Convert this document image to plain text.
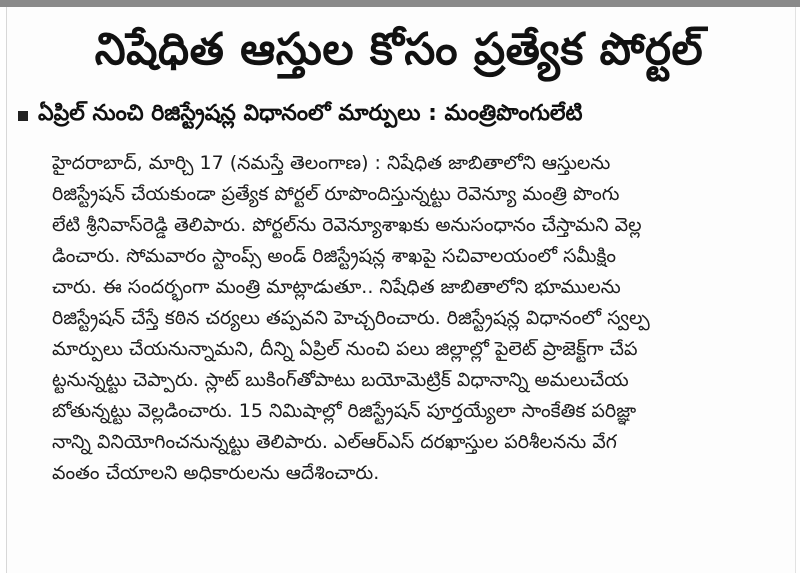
నిషేధిత ఆస్తుల కోసం ప్రత్యేక పోర్టల్
ఏప్రిల్ నుంచి రిజిస్ట్రేషన్ల విధానంలో మార్పులు : మంత్రిపొంగులేటి
హైదరాబాద్, మార్చి 17 (నమస్తే తెలంగాణ) : నిషేధిత జాబితాలోని ఆస్తులను
రిజిస్ట్రేషన్ చేయకుండా ప్రత్యేక పోర్టల్ రూపొందిస్తున్నట్టు రెవెన్యూ మంత్రి పొంగు
లేటి శ్రీనివాస్‌రెడ్డి తెలిపారు. పోర్టల్‌ను రెవెన్యూశాఖకు అనుసంధానం చేస్తామని వెల్ల
డించారు. సోమవారం స్టాంప్స్ అండ్ రిజిస్ట్రేషన్ల శాఖపై సచివాలయంలో సమీక్షిం
చారు. ఈ సందర్భంగా మంత్రి మాట్లాడుతూ.. నిషేధిత జాబితాలోని భూములను
రిజిస్ట్రేషన్ చేస్తే కఠిన చర్యలు తప్పవని హెచ్చరించారు. రిజిస్ట్రేషన్ల విధానంలో స్వల్ప
మార్పులు చేయనున్నామని, దీన్ని ఏప్రిల్ నుంచి పలు జిల్లాల్లో పైలెట్ ప్రాజెక్ట్‌గా చేప
ట్టనున్నట్టు చెప్పారు. స్లాట్ బుకింగ్‌తోపాటు బయోమెట్రిక్ విధానాన్ని అమలుచేయ
బోతున్నట్టు వెల్లడించారు. 15 నిమిషాల్లో రిజిస్ట్రేషన్ పూర్తయ్యేలా సాంకేతిక పరిజ్ఞా
నాన్ని వినియోగించనున్నట్టు తెలిపారు. ఎల్‌ఆర్‌ఎస్ దరఖాస్తుల పరిశీలనను వేగ
వంతం చేయాలని అధికారులను ఆదేశించారు.
